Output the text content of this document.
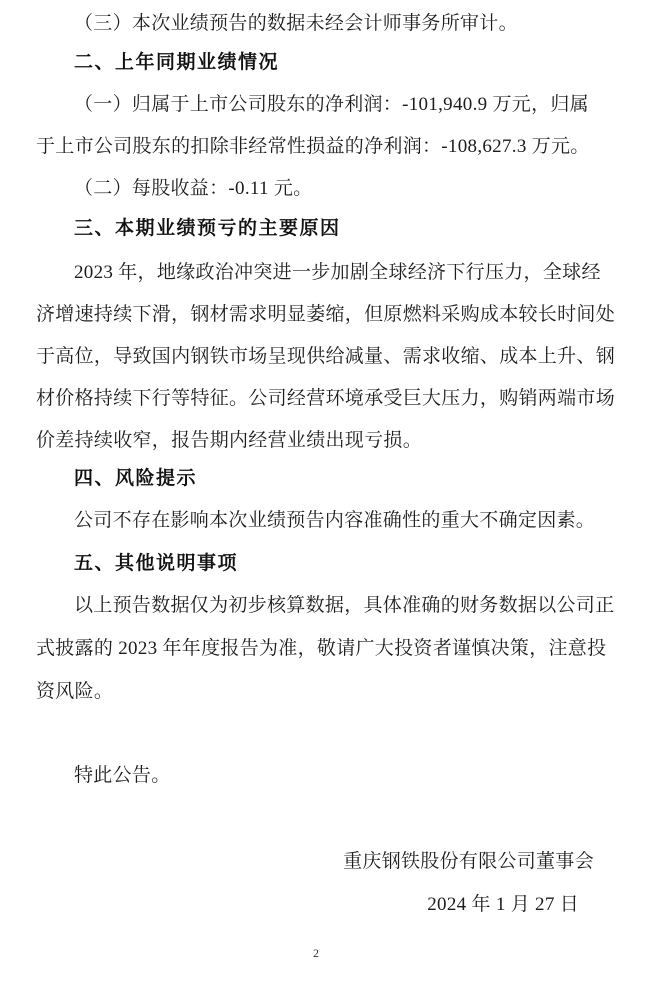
（三）本次业绩预告的数据未经会计师事务所审计。
二、上年同期业绩情况
（一）归属于上市公司股东的净利润：-101,940.9 万元，归属
于上市公司股东的扣除非经常性损益的净利润：-108,627.3 万元。
（二）每股收益：-0.11 元。
三、本期业绩预亏的主要原因
2023 年，地缘政治冲突进一步加剧全球经济下行压力，全球经
济增速持续下滑，钢材需求明显萎缩，但原燃料采购成本较长时间处
于高位，导致国内钢铁市场呈现供给减量、需求收缩、成本上升、钢
材价格持续下行等特征。公司经营环境承受巨大压力，购销两端市场
价差持续收窄，报告期内经营业绩出现亏损。
四、风险提示
公司不存在影响本次业绩预告内容准确性的重大不确定因素。
五、其他说明事项
以上预告数据仅为初步核算数据，具体准确的财务数据以公司正
式披露的 2023 年年度报告为准，敬请广大投资者谨慎决策，注意投
资风险。
特此公告。
重庆钢铁股份有限公司董事会
2024 年 1 月 27 日
2
